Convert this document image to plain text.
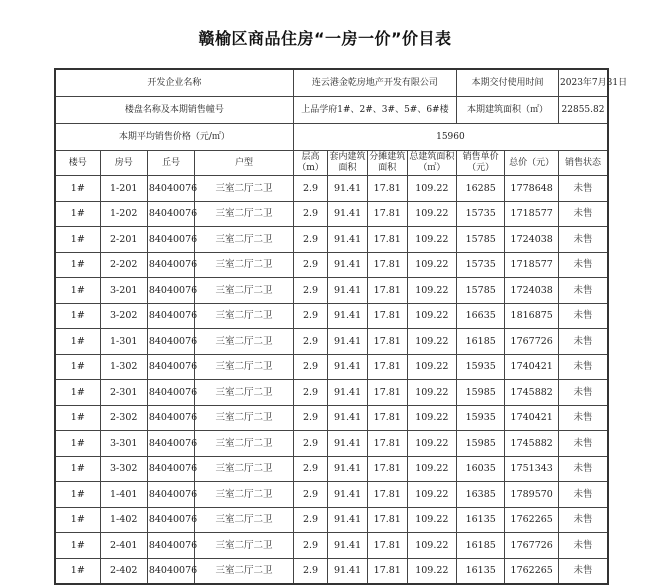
赣榆区商品住房“一房一价”价目表
开发企业名称				连云港金乾房地产开发有限公司				本期交付使用时间		2023年7月31日
楼盘名称及本期销售幢号				上品学府1#、2#、3#、5#、6#楼				本期建筑面积（㎡）		22855.82
本期平均销售价格（元/㎡）				15960						
楼号	房号	丘号	户型	层高（m）	套内建筑面积	分摊建筑面积	总建筑面积（㎡）	销售单价（元）	总价（元）	销售状态
1#	1-201	84040076	三室二厅二卫	2.9	91.41	17.81	109.22	16285	1778648	未售
1#	1-202	84040076	三室二厅二卫	2.9	91.41	17.81	109.22	15735	1718577	未售
1#	2-201	84040076	三室二厅二卫	2.9	91.41	17.81	109.22	15785	1724038	未售
1#	2-202	84040076	三室二厅二卫	2.9	91.41	17.81	109.22	15735	1718577	未售
1#	3-201	84040076	三室二厅二卫	2.9	91.41	17.81	109.22	15785	1724038	未售
1#	3-202	84040076	三室二厅二卫	2.9	91.41	17.81	109.22	16635	1816875	未售
1#	1-301	84040076	三室二厅二卫	2.9	91.41	17.81	109.22	16185	1767726	未售
1#	1-302	84040076	三室二厅二卫	2.9	91.41	17.81	109.22	15935	1740421	未售
1#	2-301	84040076	三室二厅二卫	2.9	91.41	17.81	109.22	15985	1745882	未售
1#	2-302	84040076	三室二厅二卫	2.9	91.41	17.81	109.22	15935	1740421	未售
1#	3-301	84040076	三室二厅二卫	2.9	91.41	17.81	109.22	15985	1745882	未售
1#	3-302	84040076	三室二厅二卫	2.9	91.41	17.81	109.22	16035	1751343	未售
1#	1-401	84040076	三室二厅二卫	2.9	91.41	17.81	109.22	16385	1789570	未售
1#	1-402	84040076	三室二厅二卫	2.9	91.41	17.81	109.22	16135	1762265	未售
1#	2-401	84040076	三室二厅二卫	2.9	91.41	17.81	109.22	16185	1767726	未售
1#	2-402	84040076	三室二厅二卫	2.9	91.41	17.81	109.22	16135	1762265	未售
